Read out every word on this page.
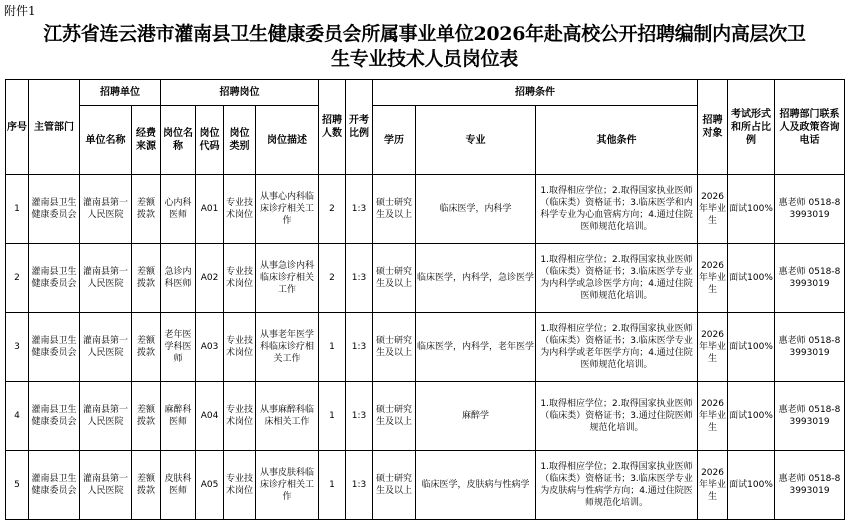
附件1
江苏省连云港市灌南县卫生健康委员会所属事业单位2026年赴高校公开招聘编制内高层次卫
生专业技术人员岗位表
序号	主管部门	招聘单位		招聘岗位				招聘人数	开考比例	招聘条件			招聘对象	考试形式和所占比例	招聘部门联系人及政策咨询电话
		单位名称	经费来源	岗位名称	岗位代码	岗位类别	岗位描述			学历	专业	其他条件			
1	灌南县卫生健康委员会	灌南县第一人民医院	差额拨款	心内科医师	A01	专业技术岗位	从事心内科临床诊疗相关工作	2	1:3	硕士研究生及以上	临床医学，内科学	1.取得相应学位；2.取得国家执业医师（临床类）资格证书；3.临床医学和内科学专业为心血管病方向；4.通过住院医师规范化培训。	2026年毕业生	面试100%	惠老师 0518-83993019
2	灌南县卫生健康委员会	灌南县第一人民医院	差额拨款	急诊内科医师	A02	专业技术岗位	从事急诊内科临床诊疗相关工作	2	1:3	硕士研究生及以上	临床医学，内科学，急诊医学	1.取得相应学位；2.取得国家执业医师（临床类）资格证书；3.临床医学专业为内科学或急诊医学方向；4.通过住院医师规范化培训。	2026年毕业生	面试100%	惠老师 0518-83993019
3	灌南县卫生健康委员会	灌南县第一人民医院	差额拨款	老年医学科医师	A03	专业技术岗位	从事老年医学科临床诊疗相关工作	1	1:3	硕士研究生及以上	临床医学，内科学，老年医学	1.取得相应学位；2.取得国家执业医师（临床类）资格证书；3.临床医学专业为内科学或老年医学方向；4.通过住院医师规范化培训。	2026年毕业生	面试100%	惠老师 0518-83993019
4	灌南县卫生健康委员会	灌南县第一人民医院	差额拨款	麻醉科医师	A04	专业技术岗位	从事麻醉科临床相关工作	1	1:3	硕士研究生及以上	麻醉学	1.取得相应学位；2.取得国家执业医师（临床类）资格证书；3.通过住院医师规范化培训。	2026年毕业生	面试100%	惠老师 0518-83993019
5	灌南县卫生健康委员会	灌南县第一人民医院	差额拨款	皮肤科医师	A05	专业技术岗位	从事皮肤科临床诊疗相关工作	1	1:3	硕士研究生及以上	临床医学，皮肤病与性病学	1.取得相应学位；2.取得国家执业医师（临床类）资格证书；3.临床医学专业为皮肤病与性病学方向；4.通过住院医师规范化培训。	2026年毕业生	面试100%	惠老师 0518-83993019
